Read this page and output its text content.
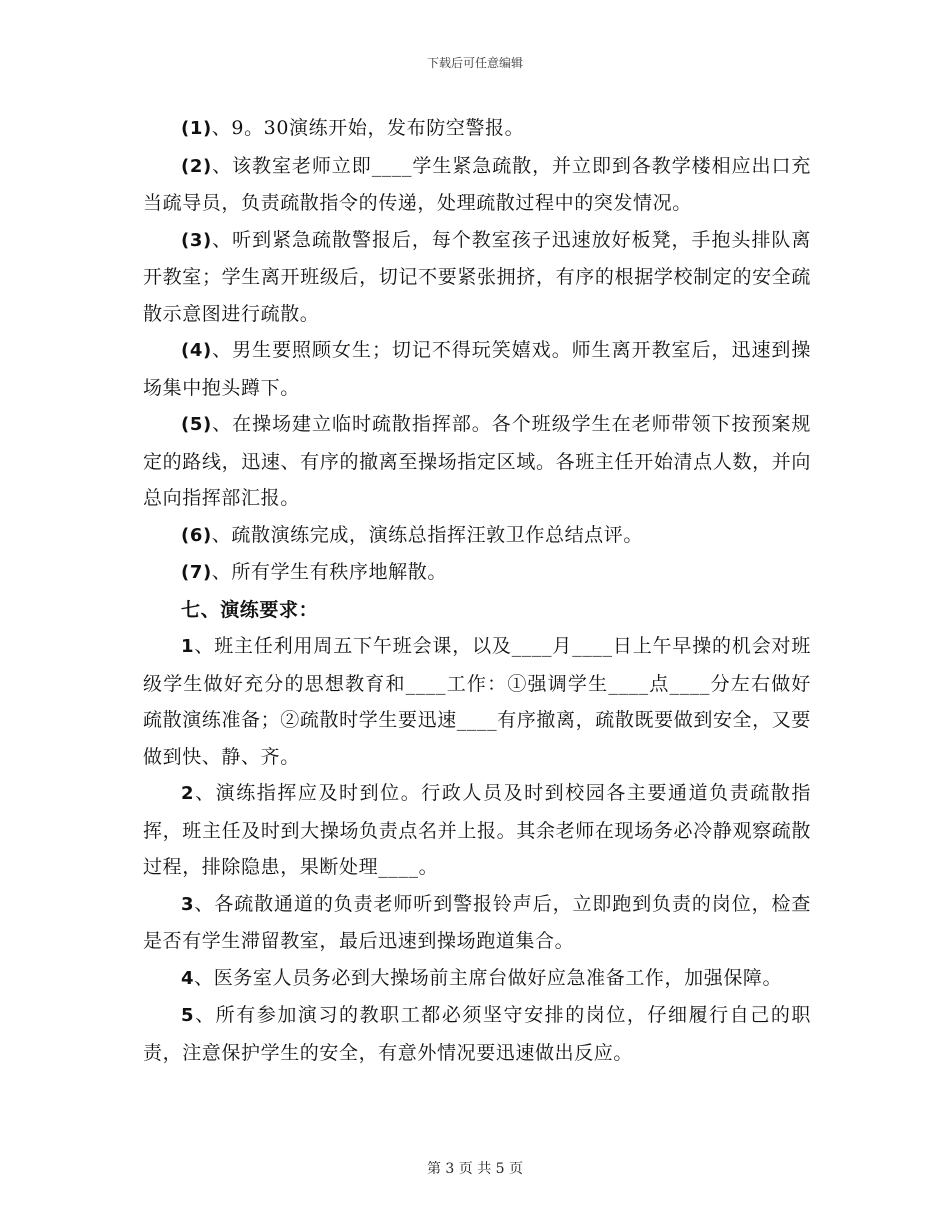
下载后可任意编辑

(1)、9。30演练开始，发布防空警报。

(2)、该教室老师立即____学生紧急疏散，并立即到各教学楼相应出口充当疏导员，负责疏散指令的传递，处理疏散过程中的突发情况。

(3)、听到紧急疏散警报后，每个教室孩子迅速放好板凳，手抱头排队离开教室；学生离开班级后，切记不要紧张拥挤，有序的根据学校制定的安全疏散示意图进行疏散。

(4)、男生要照顾女生；切记不得玩笑嬉戏。师生离开教室后，迅速到操场集中抱头蹲下。

(5)、在操场建立临时疏散指挥部。各个班级学生在老师带领下按预案规定的路线，迅速、有序的撤离至操场指定区域。各班主任开始清点人数，并向总向指挥部汇报。

(6)、疏散演练完成，演练总指挥汪敦卫作总结点评。

(7)、所有学生有秩序地解散。

七、演练要求：

1、班主任利用周五下午班会课，以及____月____日上午早操的机会对班级学生做好充分的思想教育和____工作：①强调学生____点____分左右做好疏散演练准备；②疏散时学生要迅速____有序撤离，疏散既要做到安全，又要做到快、静、齐。

2、演练指挥应及时到位。行政人员及时到校园各主要通道负责疏散指挥，班主任及时到大操场负责点名并上报。其余老师在现场务必冷静观察疏散过程，排除隐患，果断处理____。

3、各疏散通道的负责老师听到警报铃声后，立即跑到负责的岗位，检查是否有学生滞留教室，最后迅速到操场跑道集合。

4、医务室人员务必到大操场前主席台做好应急准备工作，加强保障。

5、所有参加演习的教职工都必须坚守安排的岗位，仔细履行自己的职责，注意保护学生的安全，有意外情况要迅速做出反应。

第 3 页 共 5 页
